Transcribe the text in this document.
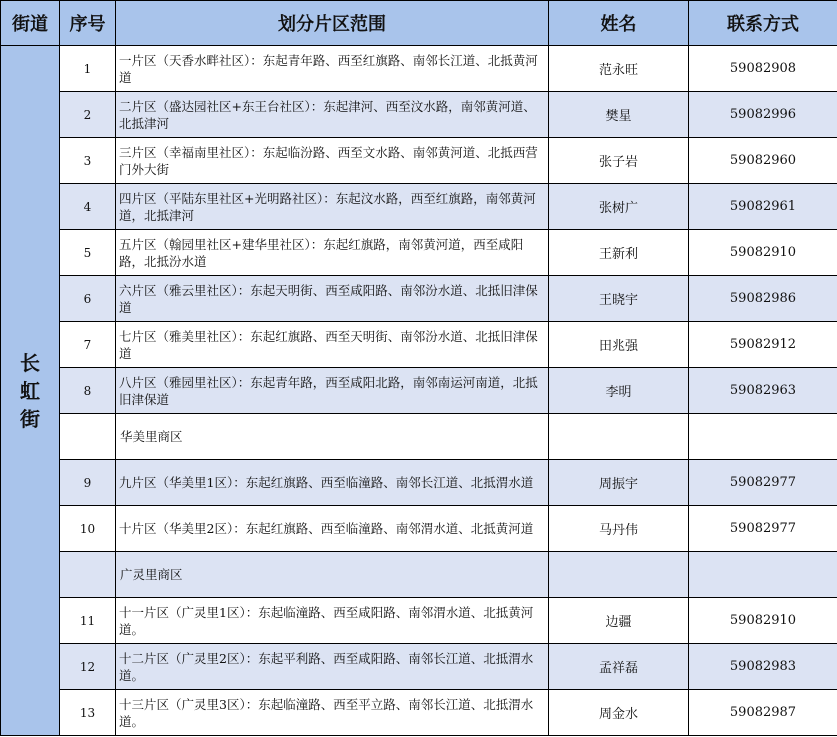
街道	序号	划分片区范围	姓名	联系方式

长
虹
街	1	一片区（天香水畔社区）：东起青年路、西至红旗路、南邻长江道、北抵黄河道	范永旺	59082908
	2	二片区（盛达园社区+东王台社区）：东起津河、西至汶水路，南邻黄河道、北抵津河	樊星	59082996
	3	三片区（幸福南里社区）：东起临汾路、西至文水路、南邻黄河道、北抵西营门外大街	张子岩	59082960
	4	四片区（平陆东里社区+光明路社区）：东起汶水路，西至红旗路，南邻黄河道，北抵津河	张树广	59082961
	5	五片区（翰园里社区+建华里社区）：东起红旗路，南邻黄河道，西至咸阳路，北抵汾水道	王新利	59082910
	6	六片区（雅云里社区）：东起天明街、西至咸阳路、南邻汾水道、北抵旧津保道	王晓宇	59082986
	7	七片区（雅美里社区）：东起红旗路、西至天明街、南邻汾水道、北抵旧津保道	田兆强	59082912
	8	八片区（雅园里社区）：东起青年路，西至咸阳北路，南邻南运河南道，北抵旧津保道	李明	59082963
		华美里商区		
	9	九片区（华美里1区）：东起红旗路、西至临潼路、南邻长江道、北抵渭水道	周振宇	59082977
	10	十片区（华美里2区）：东起红旗路、西至临潼路、南邻渭水道、北抵黄河道	马丹伟	59082977
		广灵里商区		
	11	十一片区（广灵里1区）：东起临潼路、西至咸阳路、南邻渭水道、北抵黄河道。	边疆	59082910
	12	十二片区（广灵里2区）：东起平利路、西至咸阳路、南邻长江道、北抵渭水道。	孟祥磊	59082983
	13	十三片区（广灵里3区）：东起临潼路、西至平立路、南邻长江道、北抵渭水道。	周金水	59082987
